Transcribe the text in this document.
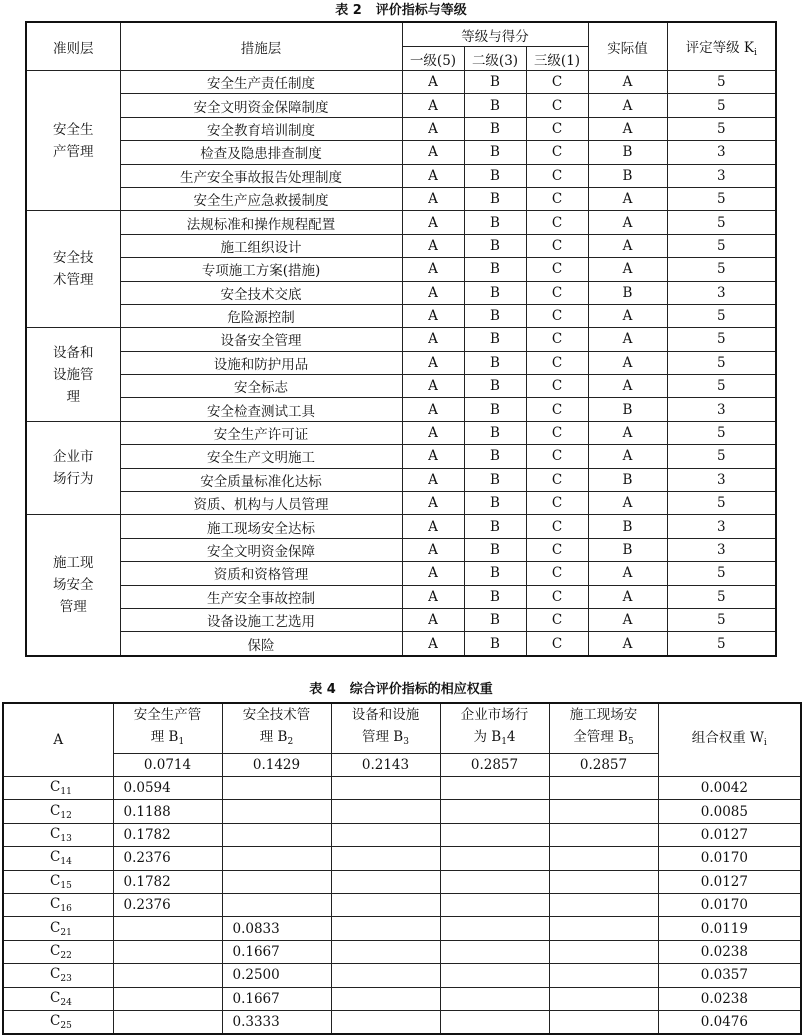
表 2 评价指标与等级
准则层	措施层	等级与得分			实际值	评定等级 $K_i$
		一级(5)	二级(3)	三级(1)		
安全生产管理	安全生产责任制度	A	B	C	A	5
	安全文明资金保障制度	A	B	C	A	5
	安全教育培训制度	A	B	C	A	5
	检查及隐患排查制度	A	B	C	B	3
	生产安全事故报告处理制度	A	B	C	B	3
	安全生产应急救援制度	A	B	C	A	5
安全技术管理	法规标准和操作规程配置	A	B	C	A	5
	施工组织设计	A	B	C	A	5
	专项施工方案(措施)	A	B	C	A	5
	安全技术交底	A	B	C	B	3
	危险源控制	A	B	C	A	5
设备和设施管理	设备安全管理	A	B	C	A	5
	设施和防护用品	A	B	C	A	5
	安全标志	A	B	C	A	5
	安全检查测试工具	A	B	C	B	3
企业市场行为	安全生产许可证	A	B	C	A	5
	安全生产文明施工	A	B	C	A	5
	安全质量标准化达标	A	B	C	B	3
	资质、机构与人员管理	A	B	C	A	5
施工现场安全管理	施工现场安全达标	A	B	C	B	3
	安全文明资金保障	A	B	C	B	3
	资质和资格管理	A	B	C	A	5
	生产安全事故控制	A	B	C	A	5
	设备设施工艺选用	A	B	C	A	5
	保险	A	B	C	A	5
表 4 综合评价指标的相应权重
A	安全生产管理 $B_1$	安全技术管理 $B_2$	设备和设施管理 $B_3$	企业市场行为 $B_14$	施工现场安全管理 $B_5$	组合权重 $W_i$
	0.0714	0.1429	0.2143	0.2857	0.2857	
$C_{11}$	0.0594					0.0042
$C_{12}$	0.1188					0.0085
$C_{13}$	0.1782					0.0127
$C_{14}$	0.2376					0.0170
$C_{15}$	0.1782					0.0127
$C_{16}$	0.2376					0.0170
$C_{21}$		0.0833				0.0119
$C_{22}$		0.1667				0.0238
$C_{23}$		0.2500				0.0357
$C_{24}$		0.1667				0.0238
$C_{25}$		0.3333				0.0476
